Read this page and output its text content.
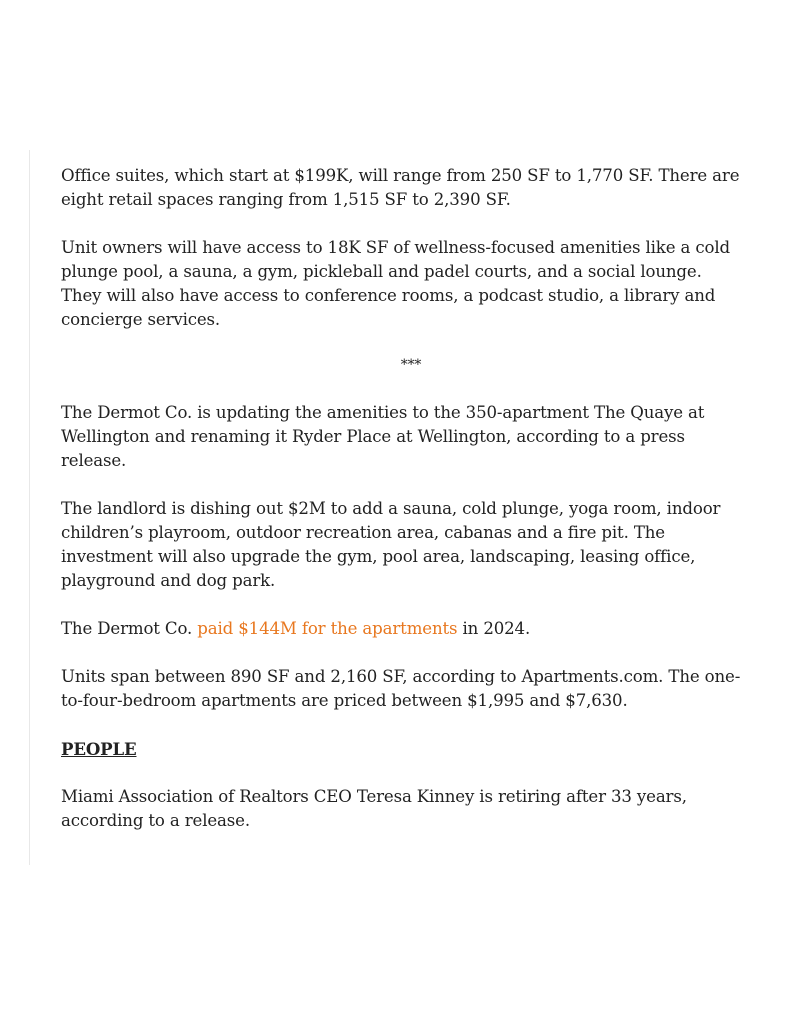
Office suites, which start at $199K, will range from 250 SF to 1,770 SF. There are eight retail spaces ranging from 1,515 SF to 2,390 SF.

Unit owners will have access to 18K SF of wellness-focused amenities like a cold plunge pool, a sauna, a gym, pickleball and padel courts, and a social lounge. They will also have access to conference rooms, a podcast studio, a library and concierge services.

***

The Dermot Co. is updating the amenities to the 350-apartment The Quaye at Wellington and renaming it Ryder Place at Wellington, according to a press release.

The landlord is dishing out $2M to add a sauna, cold plunge, yoga room, indoor children’s playroom, outdoor recreation area, cabanas and a fire pit. The investment will also upgrade the gym, pool area, landscaping, leasing office, playground and dog park.

The Dermot Co. paid $144M for the apartments in 2024.

Units span between 890 SF and 2,160 SF, according to Apartments.com. The one-to-four-bedroom apartments are priced between $1,995 and $7,630.

PEOPLE

Miami Association of Realtors CEO Teresa Kinney is retiring after 33 years, according to a release.
